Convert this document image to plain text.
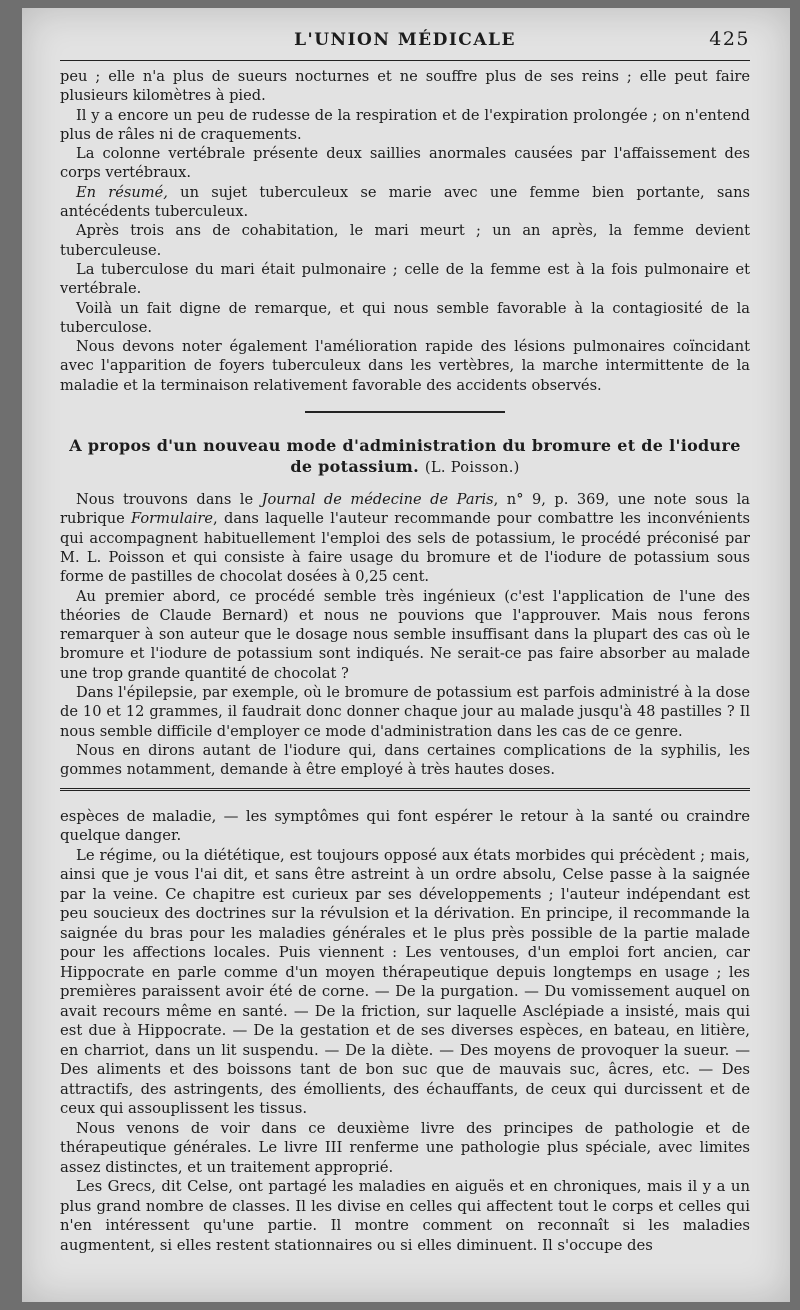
L'UNION MÉDICALE	425

peu ; elle n'a plus de sueurs nocturnes et ne souffre plus de ses reins ; elle peut faire plusieurs kilomètres à pied.

Il y a encore un peu de rudesse de la respiration et de l'expiration prolongée ; on n'entend plus de râles ni de craquements.

La colonne vertébrale présente deux saillies anormales causées par l'affaissement des corps vertébraux.

En résumé, un sujet tuberculeux se marie avec une femme bien portante, sans antécédents tuberculeux.

Après trois ans de cohabitation, le mari meurt ; un an après, la femme devient tuberculeuse.

La tuberculose du mari était pulmonaire ; celle de la femme est à la fois pulmonaire et vertébrale.

Voilà un fait digne de remarque, et qui nous semble favorable à la contagiosité de la tuberculose.

Nous devons noter également l'amélioration rapide des lésions pulmonaires coïncidant avec l'apparition de foyers tuberculeux dans les vertèbres, la marche intermittente de la maladie et la terminaison relativement favorable des accidents observés.

A propos d'un nouveau mode d'administration du bromure et de l'iodure de potassium. (L. Poisson.)

Nous trouvons dans le Journal de médecine de Paris, n° 9, p. 369, une note sous la rubrique Formulaire, dans laquelle l'auteur recommande pour combattre les inconvénients qui accompagnent habituellement l'emploi des sels de potassium, le procédé préconisé par M. L. Poisson et qui consiste à faire usage du bromure et de l'iodure de potassium sous forme de pastilles de chocolat dosées à 0,25 cent.

Au premier abord, ce procédé semble très ingénieux (c'est l'application de l'une des théories de Claude Bernard) et nous ne pouvions que l'approuver. Mais nous ferons remarquer à son auteur que le dosage nous semble insuffisant dans la plupart des cas où le bromure et l'iodure de potassium sont indiqués. Ne serait-ce pas faire absorber au malade une trop grande quantité de chocolat ?

Dans l'épilepsie, par exemple, où le bromure de potassium est parfois administré à la dose de 10 et 12 grammes, il faudrait donc donner chaque jour au malade jusqu'à 48 pastilles ? Il nous semble difficile d'employer ce mode d'administration dans les cas de ce genre.

Nous en dirons autant de l'iodure qui, dans certaines complications de la syphilis, les gommes notamment, demande à être employé à très hautes doses.

espèces de maladie, — les symptômes qui font espérer le retour à la santé ou craindre quelque danger.

Le régime, ou la diététique, est toujours opposé aux états morbides qui précèdent ; mais, ainsi que je vous l'ai dit, et sans être astreint à un ordre absolu, Celse passe à la saignée par la veine. Ce chapitre est curieux par ses développements ; l'auteur indépendant est peu soucieux des doctrines sur la révulsion et la dérivation. En principe, il recommande la saignée du bras pour les maladies générales et le plus près possible de la partie malade pour les affections locales. Puis viennent : Les ventouses, d'un emploi fort ancien, car Hippocrate en parle comme d'un moyen thérapeutique depuis longtemps en usage ; les premières paraissent avoir été de corne. — De la purgation. — Du vomissement auquel on avait recours même en santé. — De la friction, sur laquelle Asclépiade a insisté, mais qui est due à Hippocrate. — De la gestation et de ses diverses espèces, en bateau, en litière, en charriot, dans un lit suspendu. — De la diète. — Des moyens de provoquer la sueur. — Des aliments et des boissons tant de bon suc que de mauvais suc, âcres, etc. — Des attractifs, des astringents, des émollients, des échauffants, de ceux qui durcissent et de ceux qui assouplissent les tissus.

Nous venons de voir dans ce deuxième livre des principes de pathologie et de thérapeutique générales. Le livre III renferme une pathologie plus spéciale, avec limites assez distinctes, et un traitement approprié.

Les Grecs, dit Celse, ont partagé les maladies en aiguës et en chroniques, mais il y a un plus grand nombre de classes. Il les divise en celles qui affectent tout le corps et celles qui n'en intéressent qu'une partie. Il montre comment on reconnaît si les maladies augmentent, si elles restent stationnaires ou si elles diminuent. Il s'occupe des
